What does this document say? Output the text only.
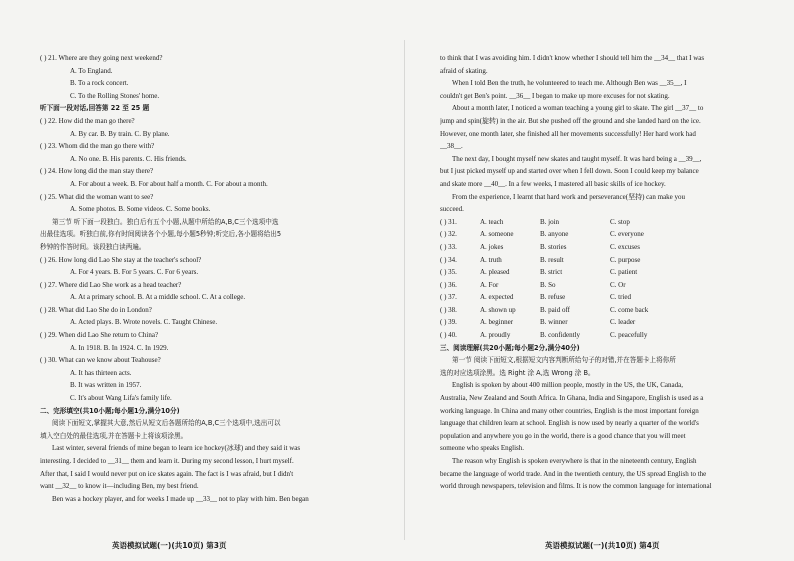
( ) 21. Where are they going next weekend?
A. To England.
B. To a rock concert.
C. To the Rolling Stones' home.
听下面一段对话,回答第 22 至 25 题
( ) 22. How did the man go there?
A. By car. B. By train. C. By plane.
( ) 23. Whom did the man go there with?
A. No one. B. His parents. C. His friends.
( ) 24. How long did the man stay there?
A. For about a week. B. For about half a month. C. For about a month.
( ) 25. What did the woman want to see?
A. Some photos. B. Some videos. C. Some books.
第三节 听下面一段独白。独白后有五个小题,从题中所给的A,B,C三个选项中选
出最佳选项。听独白前,你有时间阅读各个小题,每小题5秒钟;听完后,各小题将给出5
秒钟的作答时间。该段独白读两遍。
( ) 26. How long did Lao She stay at the teacher's school?
A. For 4 years. B. For 5 years. C. For 6 years.
( ) 27. Where did Lao She work as a head teacher?
A. At a primary school. B. At a middle school. C. At a college.
( ) 28. What did Lao She do in London?
A. Acted plays. B. Wrote novels. C. Taught Chinese.
( ) 29. When did Lao She return to China?
A. In 1918. B. In 1924. C. In 1929.
( ) 30. What can we know about Teahouse?
A. It has thirteen acts.
B. It was written in 1957.
C. It's about Wang Lifa's family life.
二、完形填空(共10小题;每小题1分,满分10分)
阅读下面短文,掌握其大意,然后从短文后各题所给的A,B,C三个选项中,选出可以
填入空白处的最佳选项,并在答题卡上将该项涂黑。
Last winter, several friends of mine began to learn ice hockey(冰球) and they said it was
interesting. I decided to __31__ them and learn it. During my second lesson, I hurt myself.
After that, I said I would never put on ice skates again. The fact is I was afraid, but I didn't
want __32__ to know it—including Ben, my best friend.
Ben was a hockey player, and for weeks I made up __33__ not to play with him. Ben began
to think that I was avoiding him. I didn't know whether I should tell him the __34__ that I was
afraid of skating.
When I told Ben the truth, he volunteered to teach me. Although Ben was __35__, I
couldn't get Ben's point. __36__ I began to make up more excuses for not skating.
About a month later, I noticed a woman teaching a young girl to skate. The girl __37__ to
jump and spin(旋转) in the air. But she pushed off the ground and she landed hard on the ice.
However, one month later, she finished all her movements successfully! Her hard work had
__38__.
The next day, I bought myself new skates and taught myself. It was hard being a __39__,
but I just picked myself up and started over when I fell down. Soon I could keep my balance
and skate more __40__. In a few weeks, I mastered all basic skills of ice hockey.
From the experience, I learnt that hard work and perseverance(坚持) can make you
succeed.
( ) 31.	A. teach	B. join	C. stop
( ) 32.	A. someone	B. anyone	C. everyone
( ) 33.	A. jokes	B. stories	C. excuses
( ) 34.	A. truth	B. result	C. purpose
( ) 35.	A. pleased	B. strict	C. patient
( ) 36.	A. For	B. So	C. Or
( ) 37.	A. expected	B. refuse	C. tried
( ) 38.	A. shown up	B. paid off	C. come back
( ) 39.	A. beginner	B. winner	C. leader
( ) 40.	A. proudly	B. confidently	C. peacefully
三、阅读理解(共20小题;每小题2分,满分40分)
第一节 阅读下面短文,根据短文内容判断所给句子的对错,并在答题卡上将你所
选的对应选项涂黑。选 Right 涂 A,选 Wrong 涂 B。
English is spoken by about 400 million people, mostly in the US, the UK, Canada,
Australia, New Zealand and South Africa. In Ghana, India and Singapore, English is used as a
working language. In China and many other countries, English is the most important foreign
language that children learn at school. English is now used by nearly a quarter of the world's
population and anywhere you go in the world, there is a good chance that you will meet
someone who speaks English.
The reason why English is spoken everywhere is that in the nineteenth century, English
became the language of world trade. And in the twentieth century, the US spread English to the
world through newspapers, television and films. It is now the common language for international
英语模拟试题(一)(共10页) 第3页	英语模拟试题(一)(共10页) 第4页
